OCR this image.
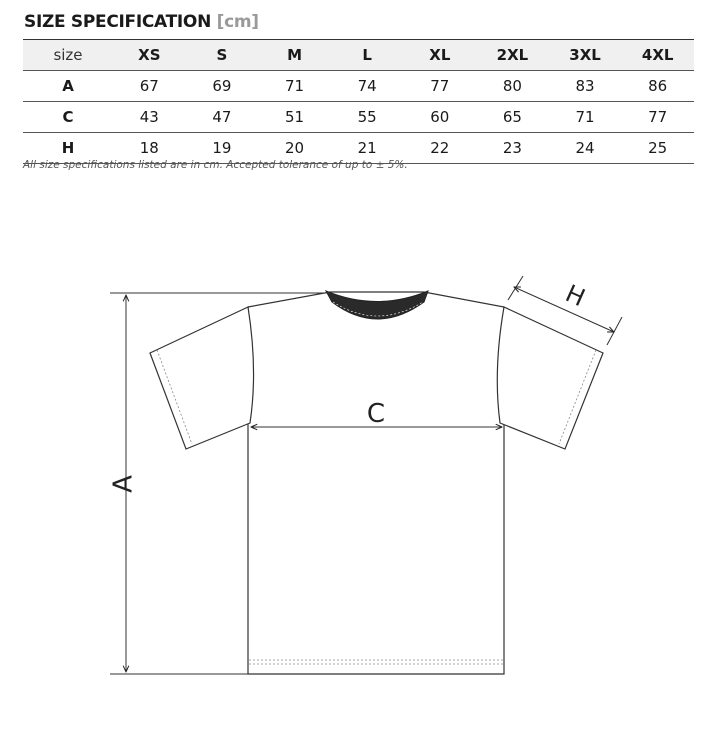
SIZE SPECIFICATION [cm]
size	XS	S	M	L	XL	2XL	3XL	4XL
A	67	69	71	74	77	80	83	86
C	43	47	51	55	60	65	71	77
H	18	19	20	21	22	23	24	25

All size specifications listed are in cm. Accepted tolerance of up to ± 5%.

A
C
H
